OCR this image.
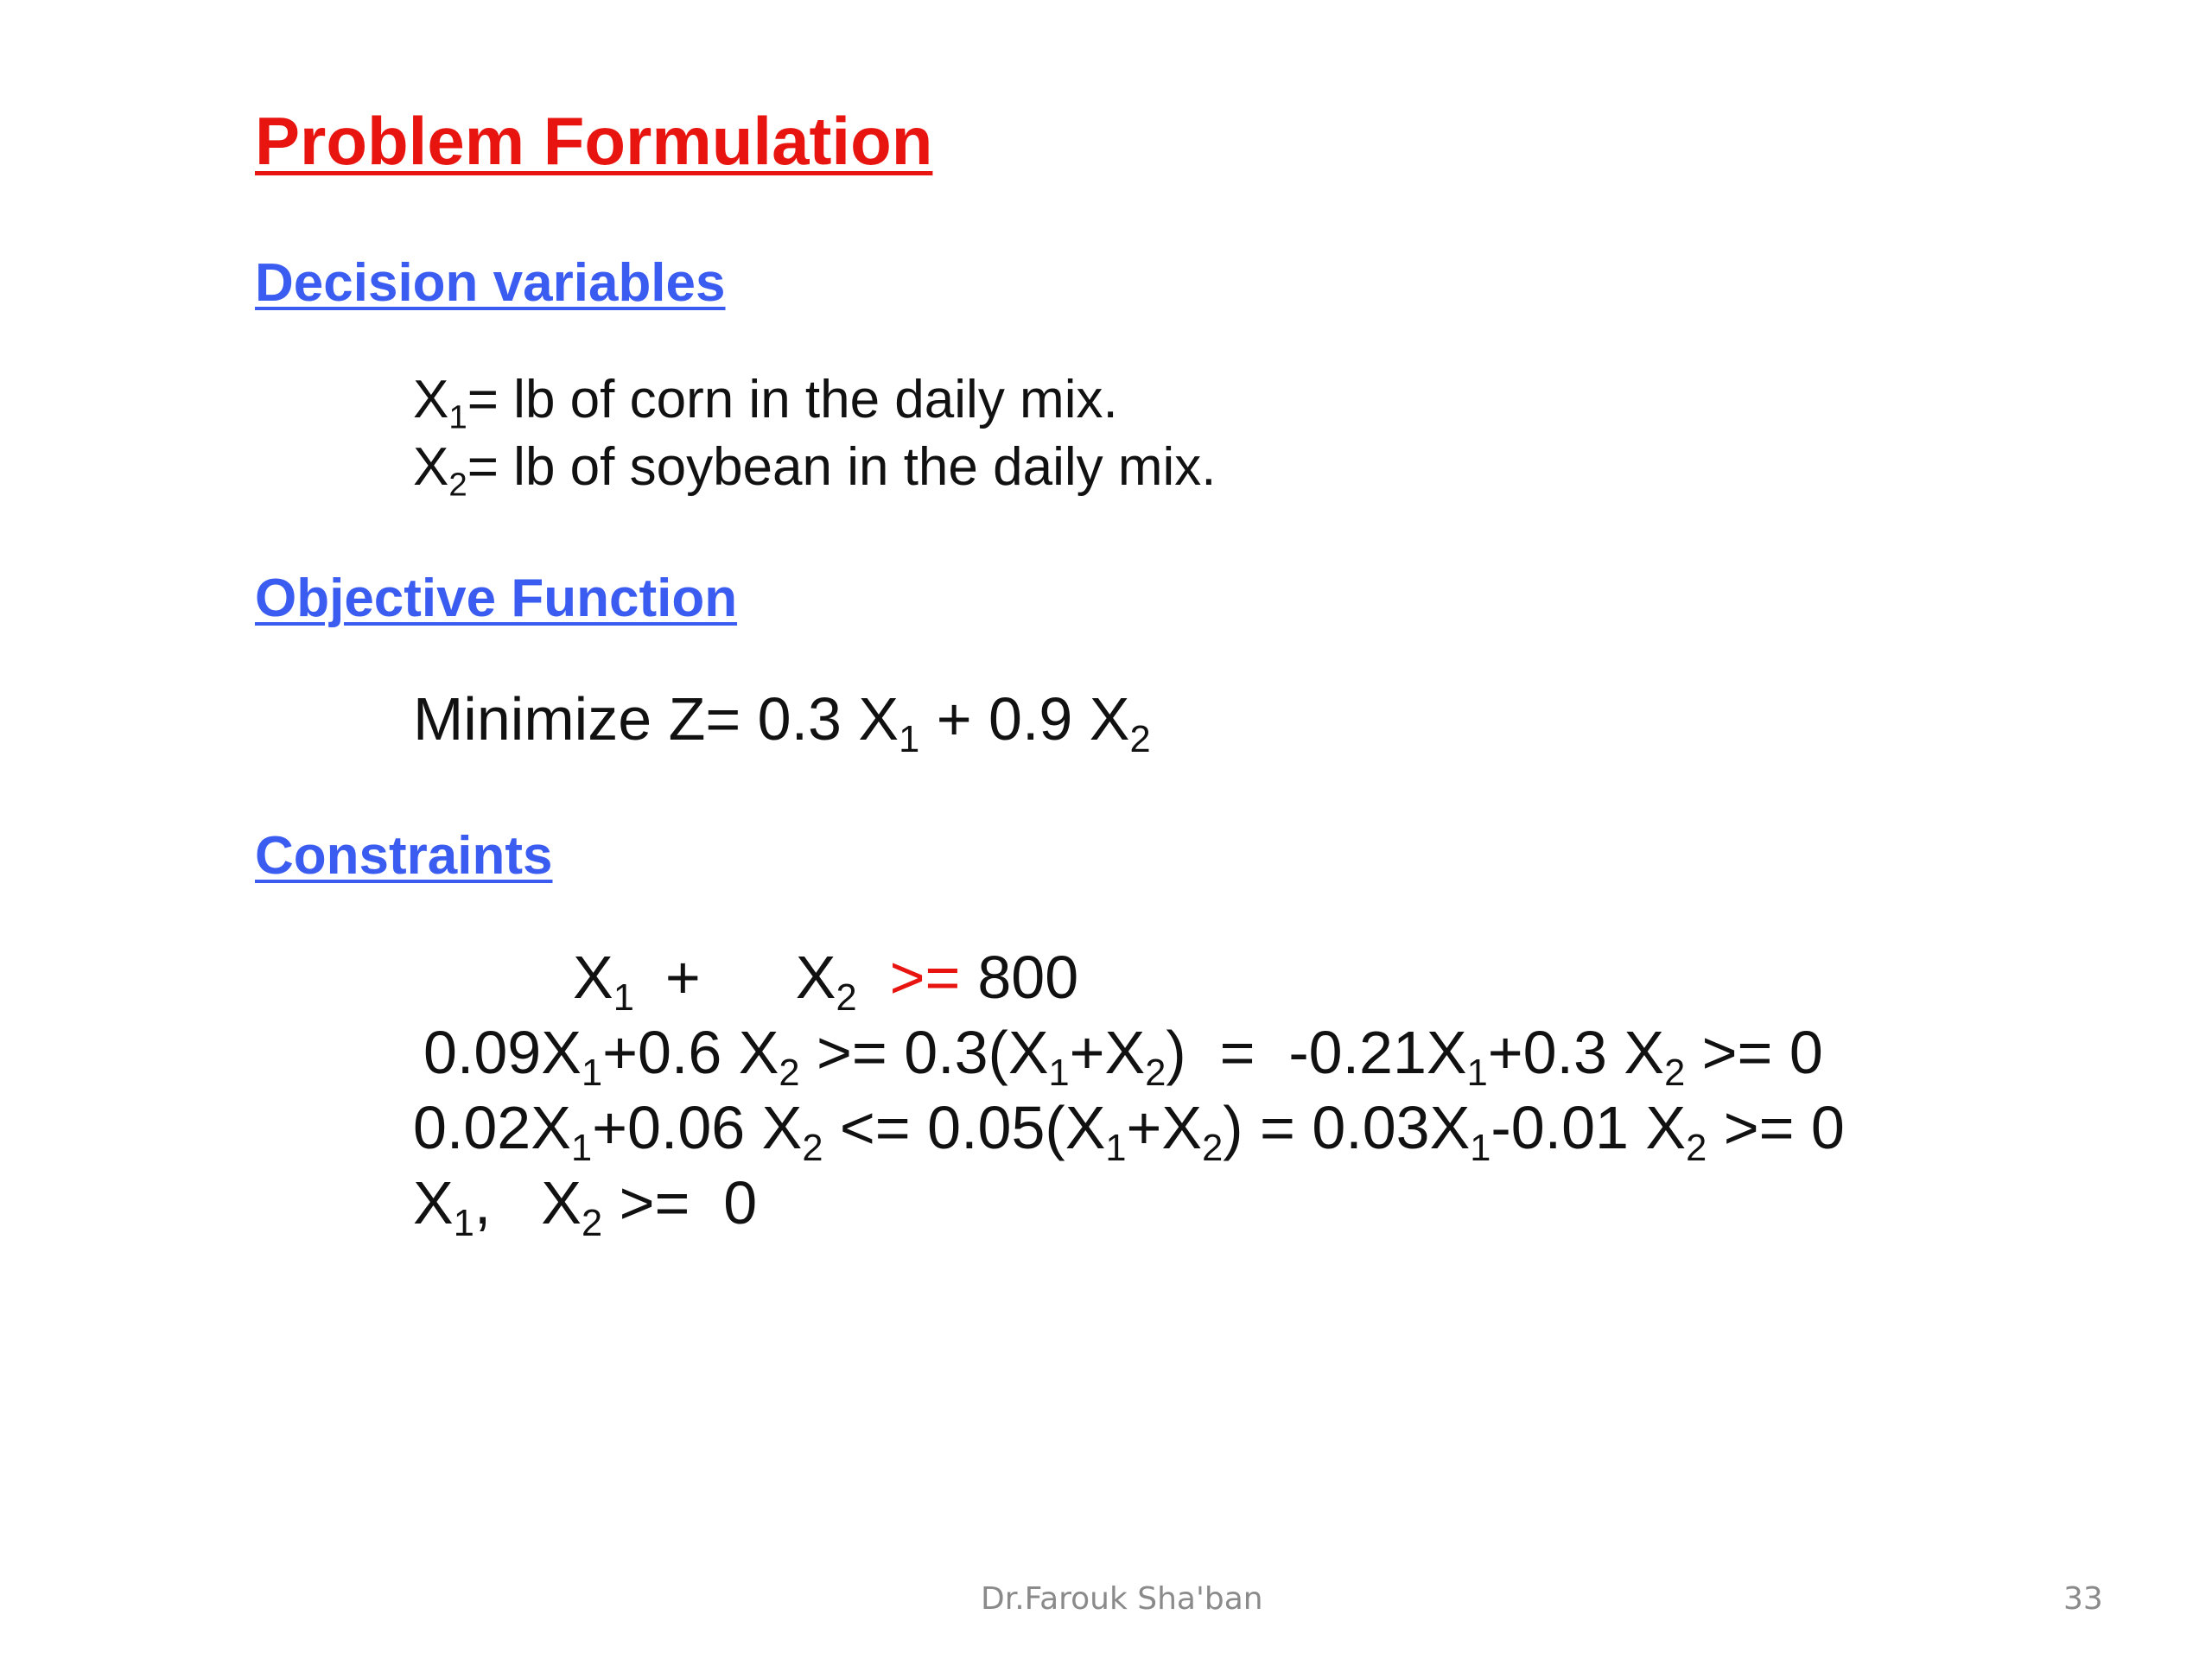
Problem Formulation
Decision variables
$X_1=$ lb of corn in the daily mix.
$X_2=$ lb of soybean in the daily mix.
Objective Function
Minimize Z= 0.3 $X_1 + 0.9$ $X_2$
Constraints
$X_1 + X_2 >= 800$
$0.09X_1+0.6$ $X_2 >= 0.3(X_1+X_2) = -0.21X_1+0.3$ $X_2 >= 0$
$0.02X_1+0.06$ $X_2 <= 0.05(X_1+X_2) = 0.03X_1-0.01$ $X_2 >= 0$
$X_1$, $X_2 >= 0$
Dr.Farouk Sha'ban	33
